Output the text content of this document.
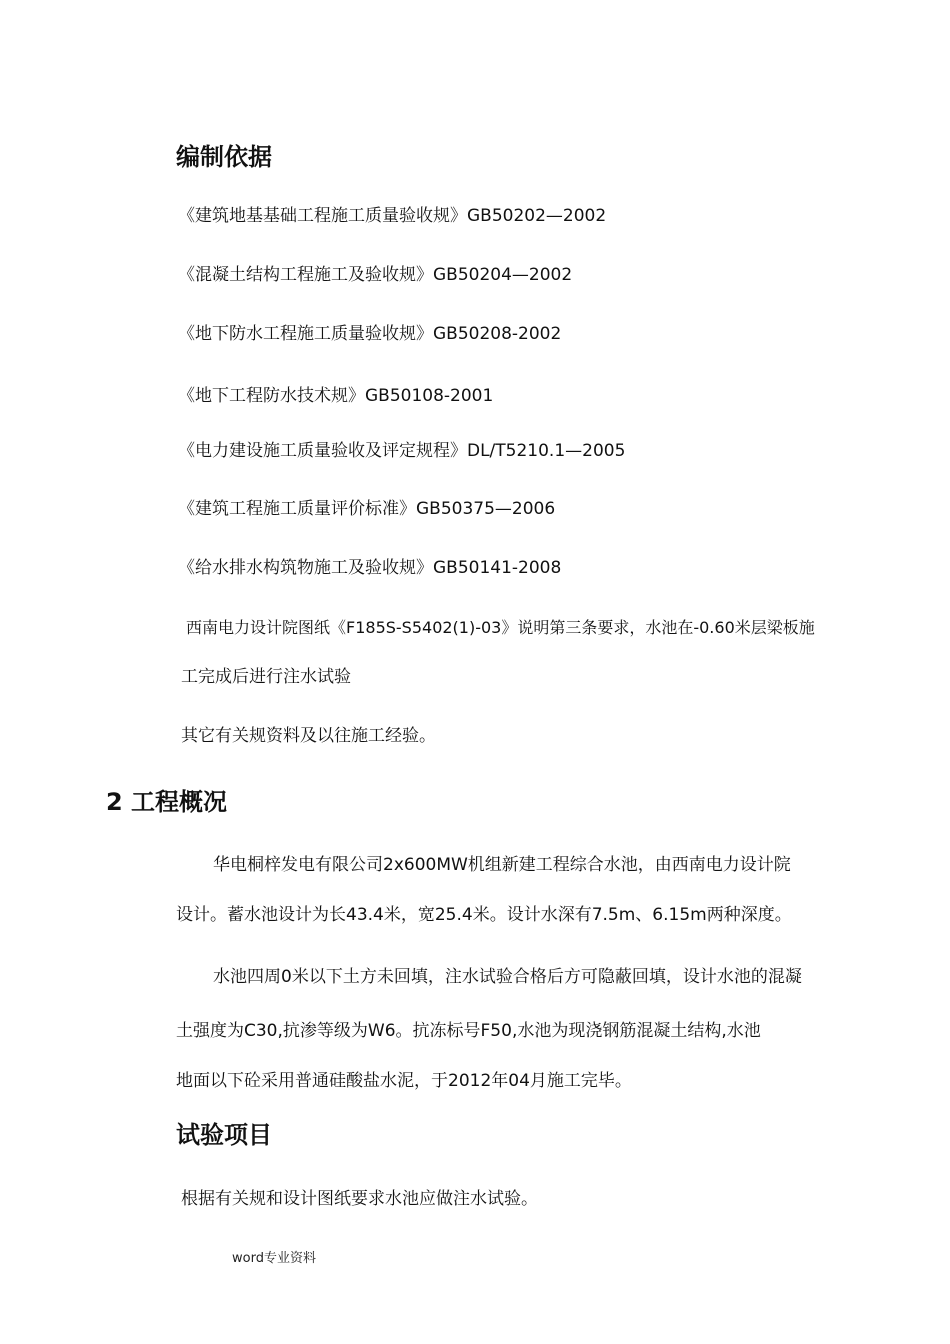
编制依据
《建筑地基基础工程施工质量验收规》GB50202—2002
《混凝土结构工程施工及验收规》GB50204—2002
《地下防水工程施工质量验收规》GB50208-2002
《地下工程防水技术规》GB50108-2001
《电力建设施工质量验收及评定规程》DL/T5210.1—2005
《建筑工程施工质量评价标准》GB50375—2006
《给水排水构筑物施工及验收规》GB50141-2008
西南电力设计院图纸《F185S-S5402(1)-03》说明第三条要求，水池在-0.60米层梁板施
工完成后进行注水试验
其它有关规资料及以往施工经验。
2 工程概况
华电桐梓发电有限公司2x600MW机组新建工程综合水池，由西南电力设计院
设计。蓄水池设计为长43.4米，宽25.4米。设计水深有7.5m、6.15m两种深度。
水池四周0米以下土方未回填，注水试验合格后方可隐蔽回填，设计水池的混凝
土强度为C30,抗渗等级为W6。抗冻标号F50,水池为现浇钢筋混凝土结构,水池
地面以下砼采用普通硅酸盐水泥，于2012年04月施工完毕。
试验项目
根据有关规和设计图纸要求水池应做注水试验。
word专业资料
